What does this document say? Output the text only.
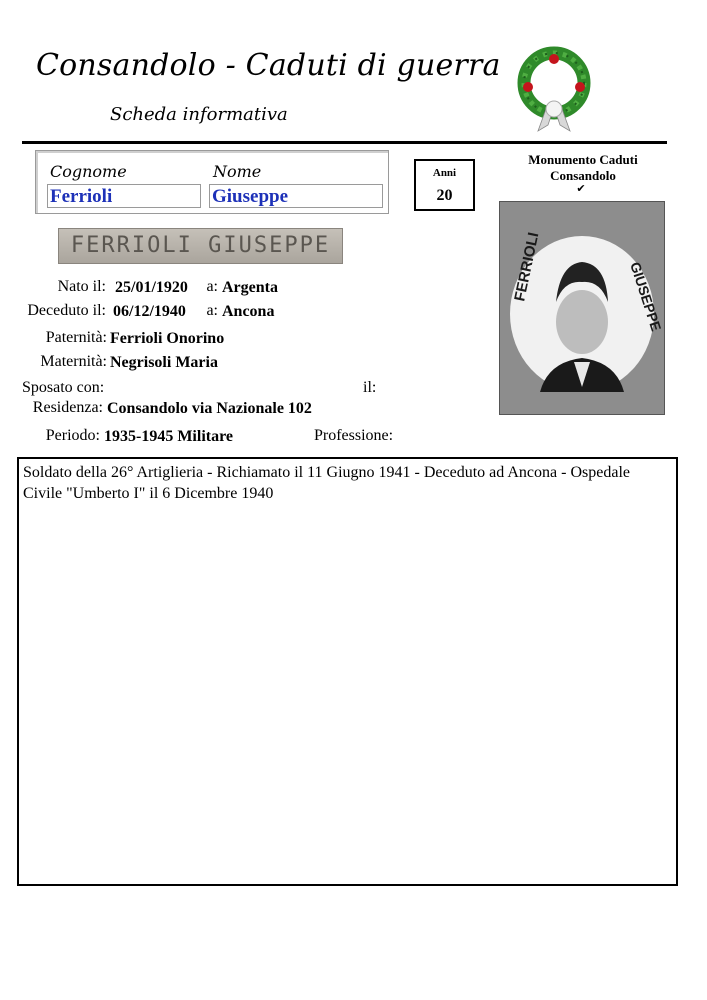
Consandolo - Caduti di guerra
Scheda informativa
Cognome	Nome
Ferrioli	Giuseppe
Anni
20
Monumento Caduti Consandolo
✔
FERRIOLI	GIUSEPPE
FERRIOLI GIUSEPPE
Nato il: 25/01/1920	a: Argenta
Deceduto il: 06/12/1940	a: Ancona
Paternità: Ferrioli Onorino
Maternità: Negrisoli Maria
Sposato con:	il:
Residenza: Consandolo via Nazionale 102
Periodo: 1935-1945 Militare	Professione:
Soldato della 26° Artiglieria - Richiamato il 11 Giugno 1941 - Deceduto ad Ancona - Ospedale Civile "Umberto I" il 6 Dicembre 1940
